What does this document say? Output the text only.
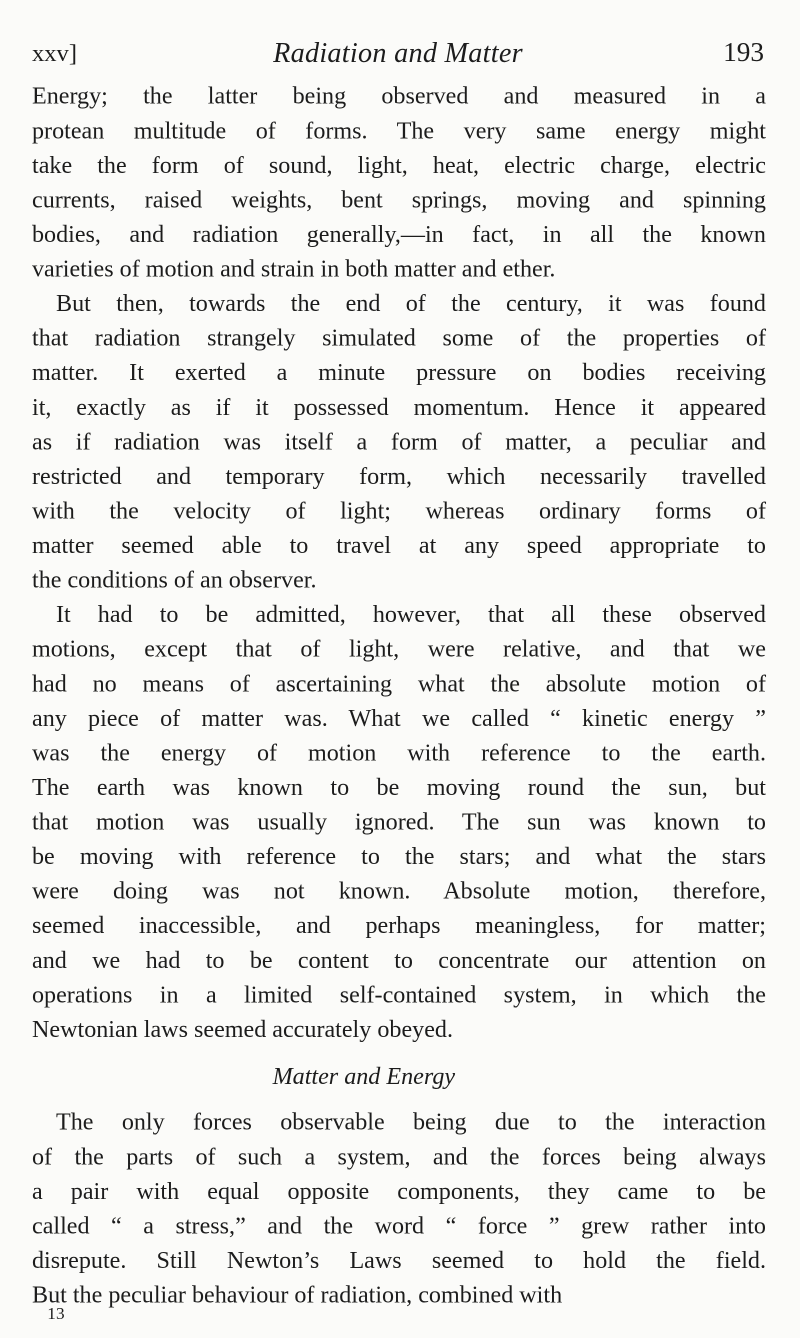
xxv]	Radiation and Matter	193
Energy; the latter being observed and measured in a
protean multitude of forms. The very same energy might
take the form of sound, light, heat, electric charge, electric
currents, raised weights, bent springs, moving and spinning
bodies, and radiation generally,—in fact, in all the known
varieties of motion and strain in both matter and ether.
But then, towards the end of the century, it was found
that radiation strangely simulated some of the properties of
matter. It exerted a minute pressure on bodies receiving
it, exactly as if it possessed momentum. Hence it appeared
as if radiation was itself a form of matter, a peculiar and
restricted and temporary form, which necessarily travelled
with the velocity of light; whereas ordinary forms of
matter seemed able to travel at any speed appropriate to
the conditions of an observer.
It had to be admitted, however, that all these observed
motions, except that of light, were relative, and that we
had no means of ascertaining what the absolute motion of
any piece of matter was. What we called “ kinetic energy ”
was the energy of motion with reference to the earth.
The earth was known to be moving round the sun, but
that motion was usually ignored. The sun was known to
be moving with reference to the stars; and what the stars
were doing was not known. Absolute motion, therefore,
seemed inaccessible, and perhaps meaningless, for matter;
and we had to be content to concentrate our attention on
operations in a limited self-contained system, in which the
Newtonian laws seemed accurately obeyed.
Matter and Energy
The only forces observable being due to the interaction
of the parts of such a system, and the forces being always
a pair with equal opposite components, they came to be
called “ a stress,” and the word “ force ” grew rather into
disrepute. Still Newton’s Laws seemed to hold the field.
But the peculiar behaviour of radiation, combined with
13
